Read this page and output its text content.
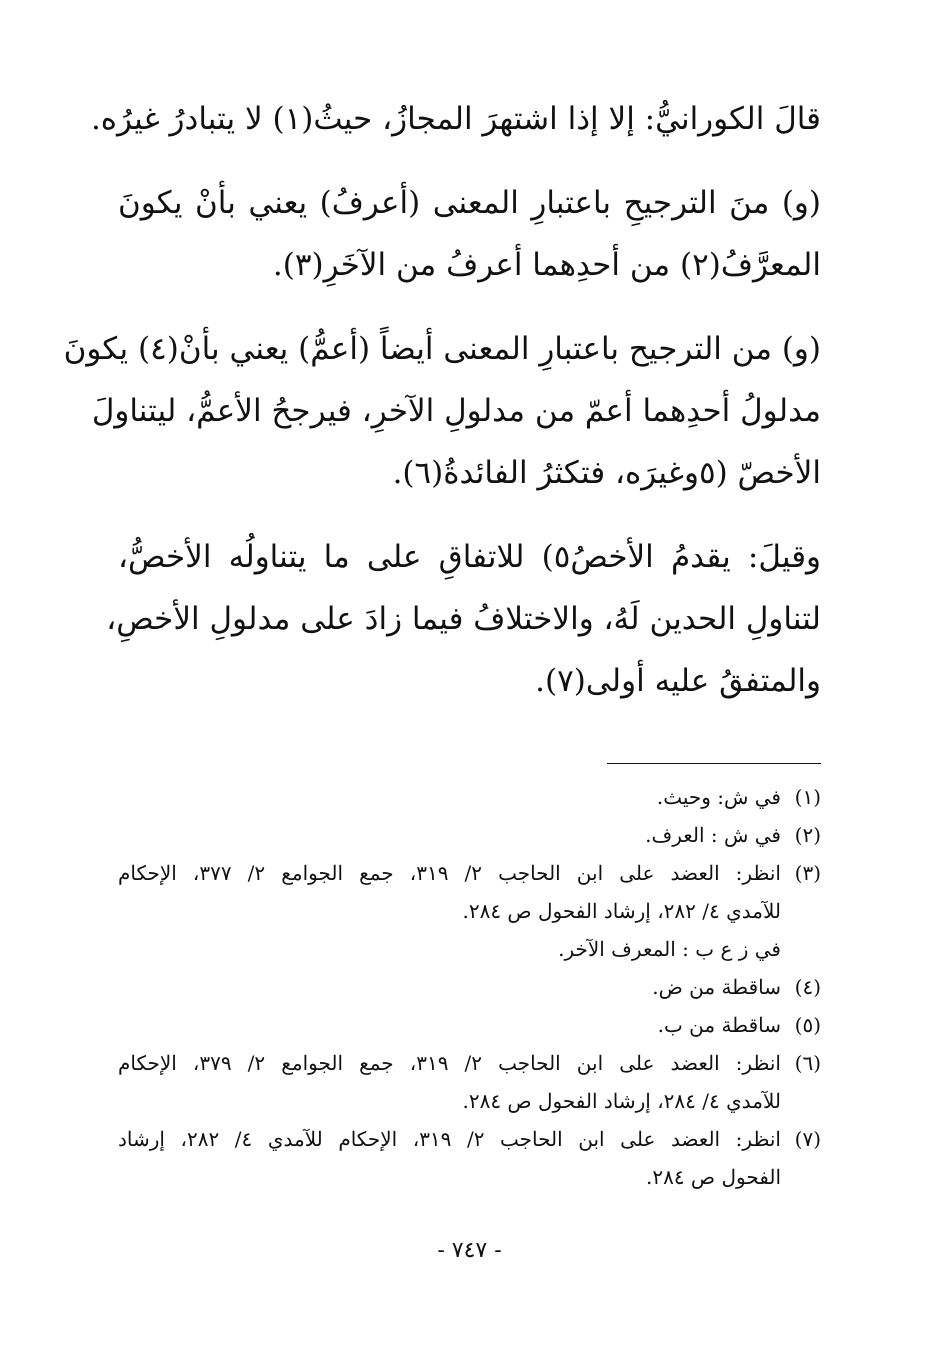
قالَ الكورانيُّ: إلا إذا اشتهرَ المجازُ، حيثُ(١) لا يتبادرُ غيرُه.
(و) منَ الترجيحِ باعتبارِ المعنى (أعرفُ) يعني بأنْ يكونَ
المعرَّفُ(٢) من أحدِهما أعرفُ من الآخَرِ(٣).
(و) من الترجيح باعتبارِ المعنى أيضاً (أعمُّ) يعني بأنْ(٤) يكونَ
مدلولُ أحدِهما أعمّ من مدلولِ الآخرِ، فيرجحُ الأعمُّ، ليتناولَ
الأخصّ (٥وغيرَه، فتكثرُ الفائدةُ(٦).
وقيلَ: يقدمُ الأخصُ٥) للاتفاقِ على ما يتناولُه الأخصُّ،
لتناولِ الحدين لَهُ، والاختلافُ فيما زادَ على مدلولِ الأخصِ،
والمتفقُ عليه أولى(٧).
(١)
في ش: وحيث.
(٢)
في ش : العرف.
(٣)
انظر: العضد على ابن الحاجب ٢/ ٣١٩، جمع الجوامع ٢/ ٣٧٧، الإحكام
للآمدي ٤/ ٢٨٢، إرشاد الفحول ص ٢٨٤.
في ز ع ب : المعرف الآخر.
(٤)
ساقطة من ض.
(٥)
ساقطة من ب.
(٦)
انظر: العضد على ابن الحاجب ٢/ ٣١٩، جمع الجوامع ٢/ ٣٧٩، الإحكام
للآمدي ٤/ ٢٨٤، إرشاد الفحول ص ٢٨٤.
(٧)
انظر: العضد على ابن الحاجب ٢/ ٣١٩، الإحكام للآمدي ٤/ ٢٨٢، إرشاد
الفحول ص ٢٨٤.
- ٧٤٧ -
